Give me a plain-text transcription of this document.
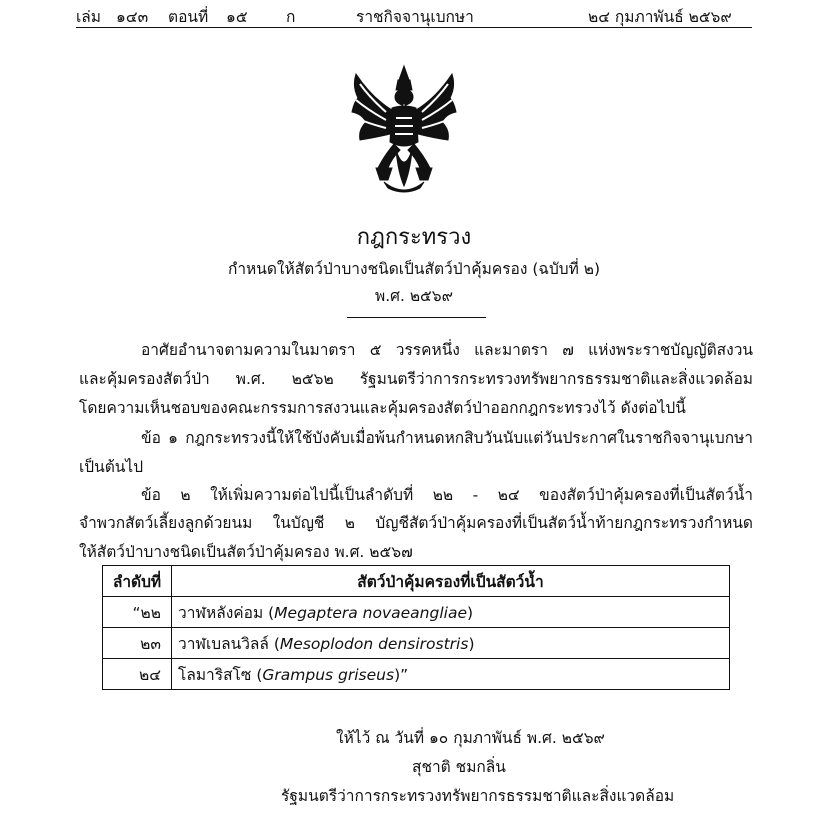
เล่ม ๑๔๓ ตอนที่ ๑๕ ก	ราชกิจจานุเบกษา	๒๔ กุมภาพันธ์ ๒๕๖๙
กฎกระทรวง
กำหนดให้สัตว์ป่าบางชนิดเป็นสัตว์ป่าคุ้มครอง (ฉบับที่ ๒)
พ.ศ. ๒๕๖๙
อาศัยอำนาจตามความในมาตรา ๕ วรรคหนึ่ง และมาตรา ๗ แห่งพระราชบัญญัติสงวน
และคุ้มครองสัตว์ป่า พ.ศ. ๒๕๖๒ รัฐมนตรีว่าการกระทรวงทรัพยากรธรรมชาติและสิ่งแวดล้อม
โดยความเห็นชอบของคณะกรรมการสงวนและคุ้มครองสัตว์ป่าออกกฎกระทรวงไว้ ดังต่อไปนี้
ข้อ ๑ กฎกระทรวงนี้ให้ใช้บังคับเมื่อพ้นกำหนดหกสิบวันนับแต่วันประกาศในราชกิจจานุเบกษา
เป็นต้นไป
ข้อ ๒ ให้เพิ่มความต่อไปนี้เป็นลำดับที่ ๒๒ - ๒๔ ของสัตว์ป่าคุ้มครองที่เป็นสัตว์น้ำ
จำพวกสัตว์เลี้ยงลูกด้วยนม ในบัญชี ๒ บัญชีสัตว์ป่าคุ้มครองที่เป็นสัตว์น้ำท้ายกฎกระทรวงกำหนด
ให้สัตว์ป่าบางชนิดเป็นสัตว์ป่าคุ้มครอง พ.ศ. ๒๕๖๗
ลำดับที่	สัตว์ป่าคุ้มครองที่เป็นสัตว์น้ำ
“๒๒	วาฬหลังค่อม (Megaptera novaeangliae)
๒๓	วาฬเบลนวิลล์ (Mesoplodon densirostris)
๒๔	โลมาริสโซ (Grampus griseus)”
ให้ไว้ ณ วันที่ ๑๐ กุมภาพันธ์ พ.ศ. ๒๕๖๙
สุชาติ ชมกลิ่น
รัฐมนตรีว่าการกระทรวงทรัพยากรธรรมชาติและสิ่งแวดล้อม
